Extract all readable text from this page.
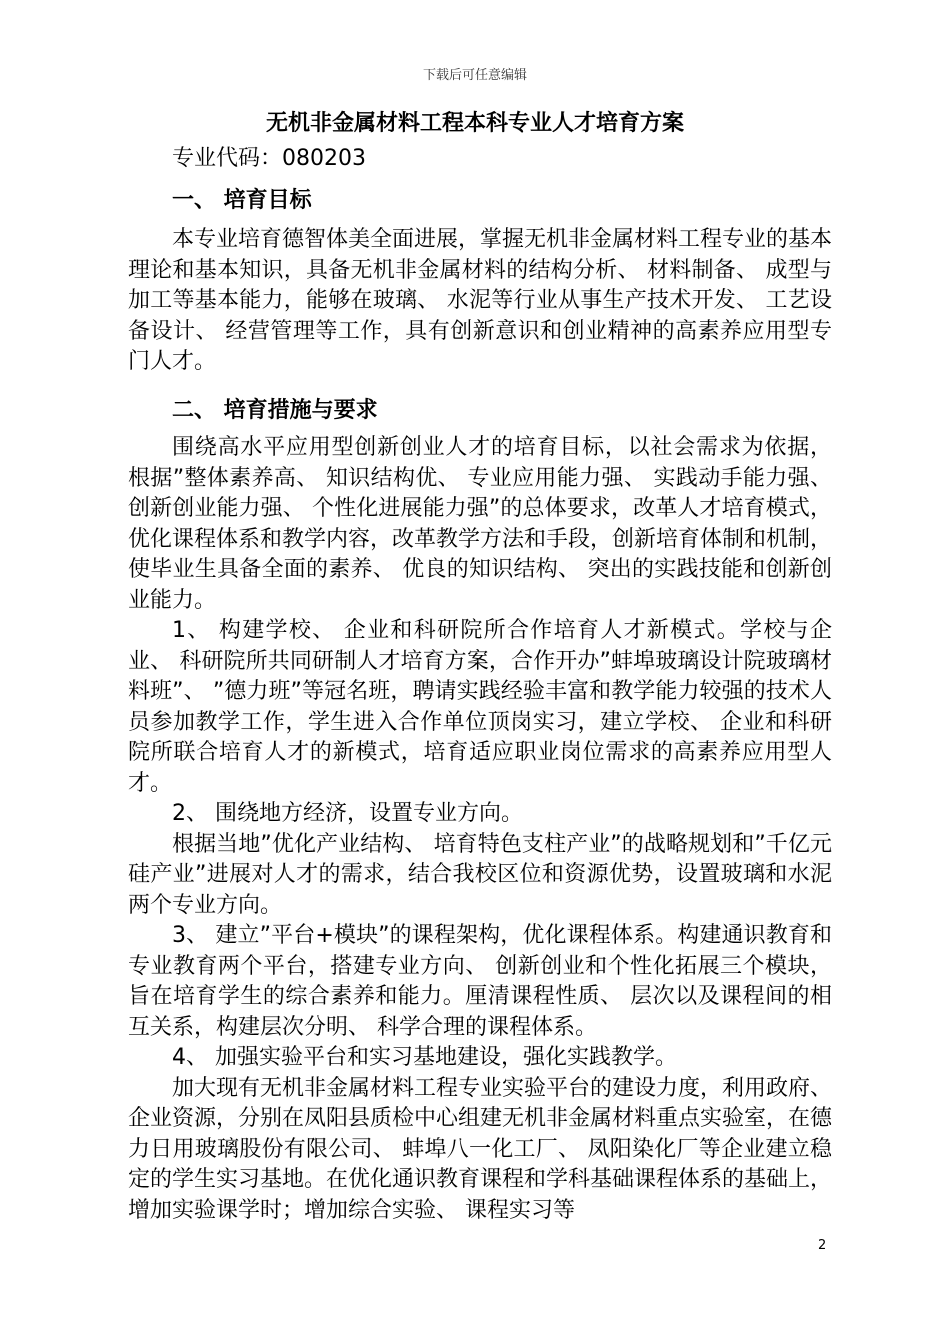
下载后可任意编辑
无机非金属材料工程本科专业人才培育方案
专业代码：080203
一、 培育目标

本专业培育德智体美全面进展，掌握无机非金属材料工程专业的基本理论和基本知识，具备无机非金属材料的结构分析、 材料制备、 成型与加工等基本能力，能够在玻璃、 水泥等行业从事生产技术开发、 工艺设备设计、 经营管理等工作，具有创新意识和创业精神的高素养应用型专门人才。

二、 培育措施与要求

围绕高水平应用型创新创业人才的培育目标，以社会需求为依据， 根据”整体素养高、 知识结构优、 专业应用能力强、 实践动手能力强、 创新创业能力强、 个性化进展能力强”的总体要求，改革人才培育模式，优化课程体系和教学内容，改革教学方法和手段，创新培育体制和机制，使毕业生具备全面的素养、 优良的知识结构、 突出的实践技能和创新创业能力。

1、 构建学校、 企业和科研院所合作培育人才新模式。学校与企业、 科研院所共同研制人才培育方案，合作开办”蚌埠玻璃设计院玻璃材料班”、 ”德力班”等冠名班，聘请实践经验丰富和教学能力较强的技术人员参加教学工作，学生进入合作单位顶岗实习，建立学校、 企业和科研院所联合培育人才的新模式，培育适应职业岗位需求的高素养应用型人才。

2、 围绕地方经济，设置专业方向。

根据当地”优化产业结构、 培育特色支柱产业”的战略规划和”千亿元硅产业”进展对人才的需求，结合我校区位和资源优势，设置玻璃和水泥两个专业方向。

3、 建立”平台+模块”的课程架构，优化课程体系。构建通识教育和专业教育两个平台，搭建专业方向、 创新创业和个性化拓展三个模块，旨在培育学生的综合素养和能力。厘清课程性质、 层次以及课程间的相互关系，构建层次分明、 科学合理的课程体系。

4、 加强实验平台和实习基地建设，强化实践教学。

加大现有无机非金属材料工程专业实验平台的建设力度，利用政府、 企业资源，分别在凤阳县质检中心组建无机非金属材料重点实验室，在德力日用玻璃股份有限公司、 蚌埠八一化工厂、 凤阳染化厂等企业建立稳定的学生实习基地。在优化通识教育课程和学科基础课程体系的基础上，增加实验课学时；增加综合实验、 课程实习等

2
